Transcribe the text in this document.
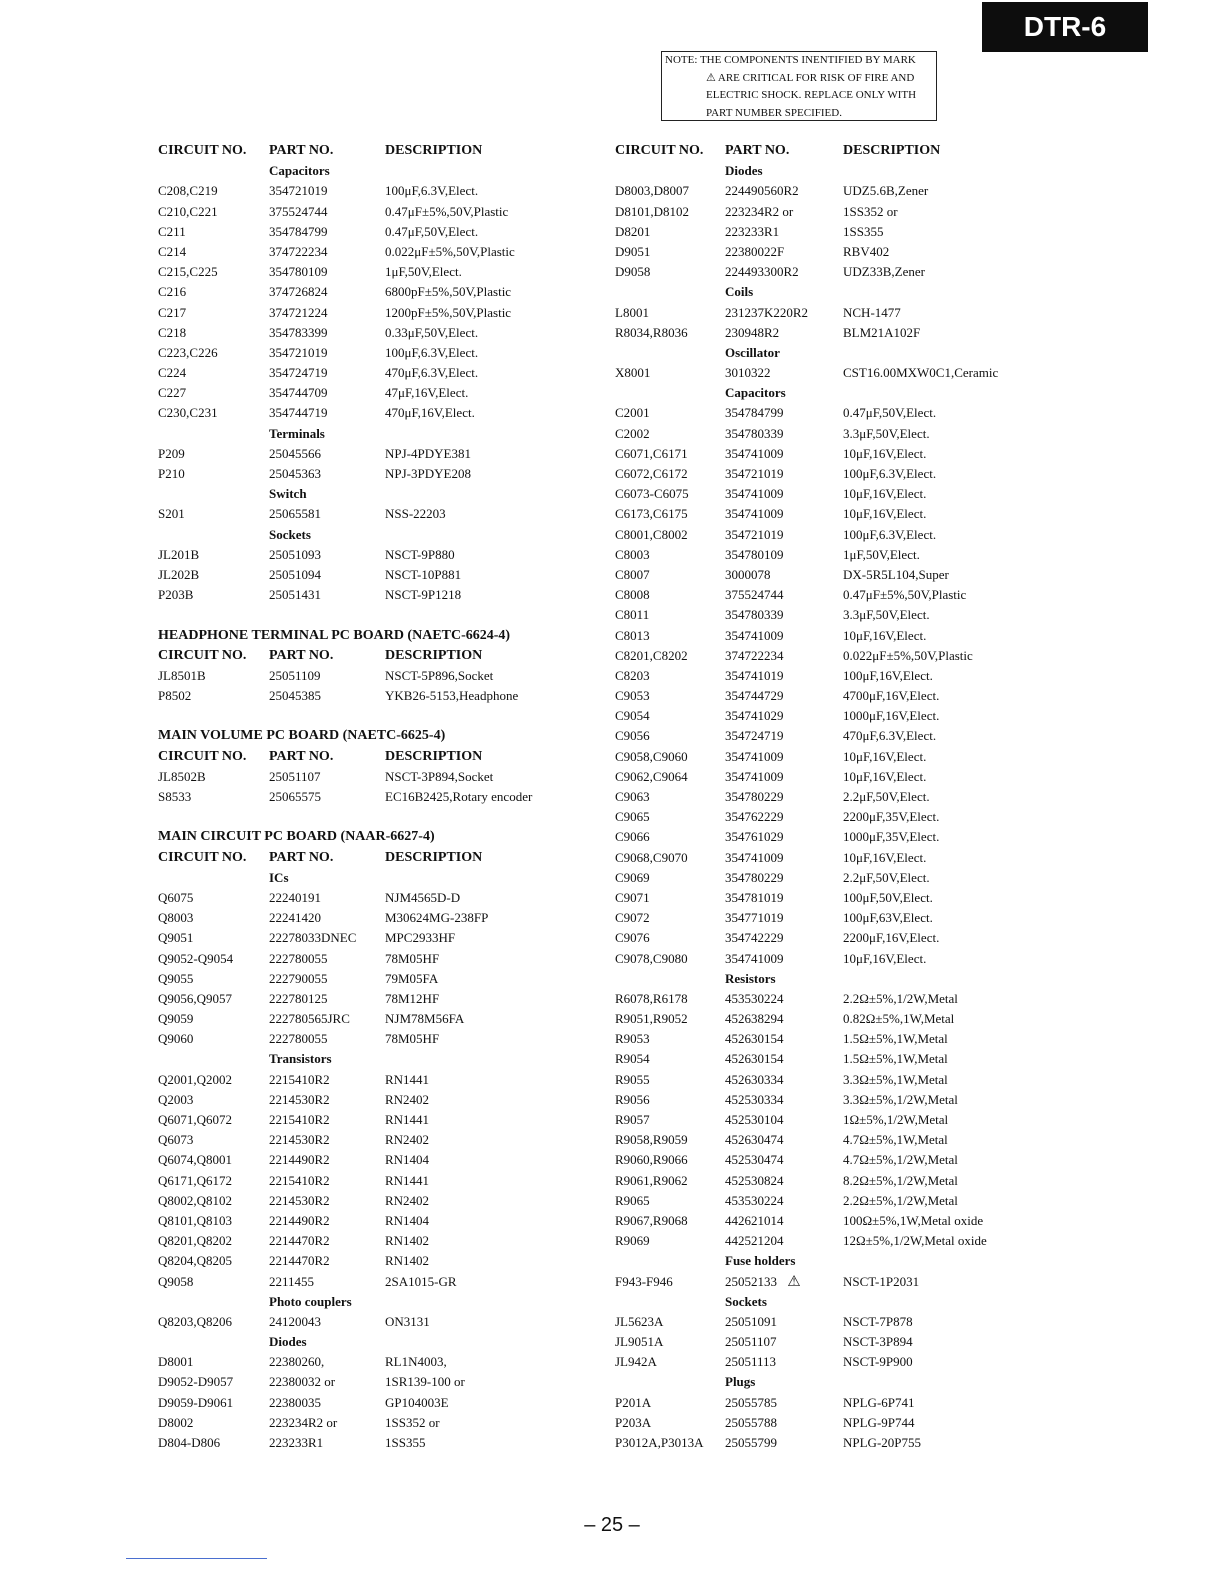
DTR-6
NOTE: THE COMPONENTS INENTIFIED BY MARK
⚠ ARE CRITICAL FOR RISK OF FIRE AND
ELECTRIC SHOCK. REPLACE ONLY WITH
PART NUMBER SPECIFIED.
CIRCUIT NO.	PART NO.	DESCRIPTION
Capacitors
C208,C219	354721019	100μF,6.3V,Elect.
C210,C221	375524744	0.47μF±5%,50V,Plastic
C211	354784799	0.47μF,50V,Elect.
C214	374722234	0.022μF±5%,50V,Plastic
C215,C225	354780109	1μF,50V,Elect.
C216	374726824	6800pF±5%,50V,Plastic
C217	374721224	1200pF±5%,50V,Plastic
C218	354783399	0.33μF,50V,Elect.
C223,C226	354721019	100μF,6.3V,Elect.
C224	354724719	470μF,6.3V,Elect.
C227	354744709	47μF,16V,Elect.
C230,C231	354744719	470μF,16V,Elect.
Terminals
P209	25045566	NPJ-4PDYE381
P210	25045363	NPJ-3PDYE208
Switch
S201	25065581	NSS-22203
Sockets
JL201B	25051093	NSCT-9P880
JL202B	25051094	NSCT-10P881
P203B	25051431	NSCT-9P1218
HEADPHONE TERMINAL PC BOARD (NAETC-6624-4)
CIRCUIT NO.	PART NO.	DESCRIPTION
JL8501B	25051109	NSCT-5P896,Socket
P8502	25045385	YKB26-5153,Headphone
MAIN VOLUME PC BOARD (NAETC-6625-4)
CIRCUIT NO.	PART NO.	DESCRIPTION
JL8502B	25051107	NSCT-3P894,Socket
S8533	25065575	EC16B2425,Rotary encoder
MAIN CIRCUIT PC BOARD (NAAR-6627-4)
CIRCUIT NO.	PART NO.	DESCRIPTION
ICs
Q6075	22240191	NJM4565D-D
Q8003	22241420	M30624MG-238FP
Q9051	22278033DNEC	MPC2933HF
Q9052-Q9054	222780055	78M05HF
Q9055	222790055	79M05FA
Q9056,Q9057	222780125	78M12HF
Q9059	222780565JRC	NJM78M56FA
Q9060	222780055	78M05HF
Transistors
Q2001,Q2002	2215410R2	RN1441
Q2003	2214530R2	RN2402
Q6071,Q6072	2215410R2	RN1441
Q6073	2214530R2	RN2402
Q6074,Q8001	2214490R2	RN1404
Q6171,Q6172	2215410R2	RN1441
Q8002,Q8102	2214530R2	RN2402
Q8101,Q8103	2214490R2	RN1404
Q8201,Q8202	2214470R2	RN1402
Q8204,Q8205	2214470R2	RN1402
Q9058	2211455	2SA1015-GR
Photo couplers
Q8203,Q8206	24120043	ON3131
Diodes
D8001	22380260,	RL1N4003,
D9052-D9057	22380032 or	1SR139-100 or
D9059-D9061	22380035	GP104003E
D8002	223234R2 or	1SS352 or
D804-D806	223233R1	1SS355
CIRCUIT NO.	PART NO.	DESCRIPTION
Diodes
D8003,D8007	224490560R2	UDZ5.6B,Zener
D8101,D8102	223234R2 or	1SS352 or
D8201	223233R1	1SS355
D9051	22380022F	RBV402
D9058	224493300R2	UDZ33B,Zener
Coils
L8001	231237K220R2	NCH-1477
R8034,R8036	230948R2	BLM21A102F
Oscillator
X8001	3010322	CST16.00MXW0C1,Ceramic
Capacitors
C2001	354784799	0.47μF,50V,Elect.
C2002	354780339	3.3μF,50V,Elect.
C6071,C6171	354741009	10μF,16V,Elect.
C6072,C6172	354721019	100μF,6.3V,Elect.
C6073-C6075	354741009	10μF,16V,Elect.
C6173,C6175	354741009	10μF,16V,Elect.
C8001,C8002	354721019	100μF,6.3V,Elect.
C8003	354780109	1μF,50V,Elect.
C8007	3000078	DX-5R5L104,Super
C8008	375524744	0.47μF±5%,50V,Plastic
C8011	354780339	3.3μF,50V,Elect.
C8013	354741009	10μF,16V,Elect.
C8201,C8202	374722234	0.022μF±5%,50V,Plastic
C8203	354741019	100μF,16V,Elect.
C9053	354744729	4700μF,16V,Elect.
C9054	354741029	1000μF,16V,Elect.
C9056	354724719	470μF,6.3V,Elect.
C9058,C9060	354741009	10μF,16V,Elect.
C9062,C9064	354741009	10μF,16V,Elect.
C9063	354780229	2.2μF,50V,Elect.
C9065	354762229	2200μF,35V,Elect.
C9066	354761029	1000μF,35V,Elect.
C9068,C9070	354741009	10μF,16V,Elect.
C9069	354780229	2.2μF,50V,Elect.
C9071	354781019	100μF,50V,Elect.
C9072	354771019	100μF,63V,Elect.
C9076	354742229	2200μF,16V,Elect.
C9078,C9080	354741009	10μF,16V,Elect.
Resistors
R6078,R6178	453530224	2.2Ω±5%,1/2W,Metal
R9051,R9052	452638294	0.82Ω±5%,1W,Metal
R9053	452630154	1.5Ω±5%,1W,Metal
R9054	452630154	1.5Ω±5%,1W,Metal
R9055	452630334	3.3Ω±5%,1W,Metal
R9056	452530334	3.3Ω±5%,1/2W,Metal
R9057	452530104	1Ω±5%,1/2W,Metal
R9058,R9059	452630474	4.7Ω±5%,1W,Metal
R9060,R9066	452530474	4.7Ω±5%,1/2W,Metal
R9061,R9062	452530824	8.2Ω±5%,1/2W,Metal
R9065	453530224	2.2Ω±5%,1/2W,Metal
R9067,R9068	442621014	100Ω±5%,1W,Metal oxide
R9069	442521204	12Ω±5%,1/2W,Metal oxide
Fuse holders
F943-F946	25052133 ⚠	NSCT-1P2031
Sockets
JL5623A	25051091	NSCT-7P878
JL9051A	25051107	NSCT-3P894
JL942A	25051113	NSCT-9P900
Plugs
P201A	25055785	NPLG-6P741
P203A	25055788	NPLG-9P744
P3012A,P3013A	25055799	NPLG-20P755
– 25 –
